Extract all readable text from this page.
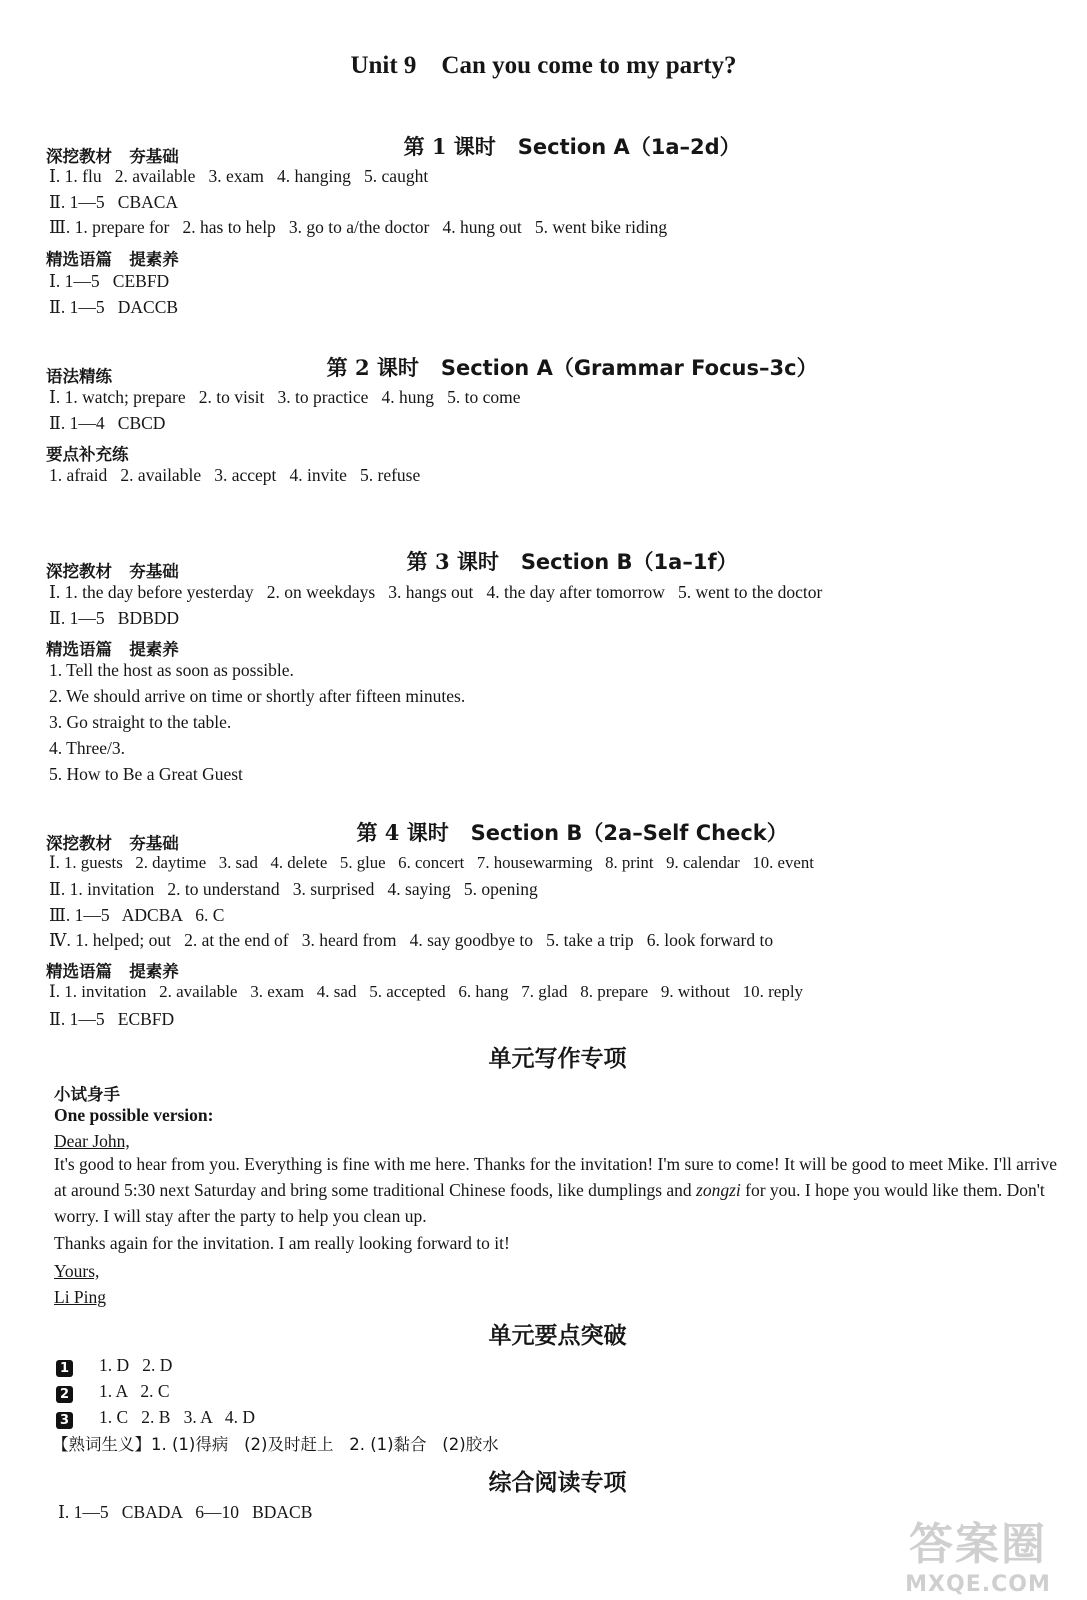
Unit 9    Can you come to my party?

第 1 课时 Section A（1a–2d）

深挖教材   夯基础
Ⅰ. 1. flu   2. available   3. exam   4. hanging   5. caught
Ⅱ. 1—5   CBACA
Ⅲ. 1. prepare for   2. has to help   3. go to a/the doctor   4. hung out   5. went bike riding
精选语篇   提素养
Ⅰ. 1—5   CEBFD
Ⅱ. 1—5   DACCB

第 2 课时 Section A（Grammar Focus–3c）

语法精练
Ⅰ. 1. watch; prepare   2. to visit   3. to practice   4. hung   5. to come
Ⅱ. 1—4   CBCD
要点补充练
1. afraid   2. available   3. accept   4. invite   5. refuse

第 3 课时 Section B（1a–1f）

深挖教材   夯基础
Ⅰ. 1. the day before yesterday   2. on weekdays   3. hangs out   4. the day after tomorrow   5. went to the doctor
Ⅱ. 1—5   BDBDD
精选语篇   提素养
1. Tell the host as soon as possible.
2. We should arrive on time or shortly after fifteen minutes.
3. Go straight to the table.
4. Three/3.
5. How to Be a Great Guest

第 4 课时 Section B（2a–Self Check）

深挖教材   夯基础
Ⅰ. 1. guests   2. daytime   3. sad   4. delete   5. glue   6. concert   7. housewarming   8. print   9. calendar   10. event
Ⅱ. 1. invitation   2. to understand   3. surprised   4. saying   5. opening
Ⅲ. 1—5   ADCBA   6. C
Ⅳ. 1. helped; out   2. at the end of   3. heard from   4. say goodbye to   5. take a trip   6. look forward to
精选语篇   提素养
Ⅰ. 1. invitation   2. available   3. exam   4. sad   5. accepted   6. hang   7. glad   8. prepare   9. without   10. reply
Ⅱ. 1—5   ECBFD
单元写作专项
小试身手
One possible version:
Dear John,
It's good to hear from you. Everything is fine with me here. Thanks for the invitation! I'm sure to come! It will be good to meet Mike. I'll arrive at around 5:30 next Saturday and bring some traditional Chinese foods, like dumplings and zongzi for you. I hope you would like them. Don't worry. I will stay after the party to help you clean up.
Thanks again for the invitation. I am really looking forward to it!
Yours,
Li Ping
单元要点突破
1 1. D   2. D
2 1. A   2. C
3 1. C   2. B   3. A   4. D
【熟词生义】1. (1)得病   (2)及时赶上   2. (1)黏合   (2)胶水
综合阅读专项
Ⅰ. 1—5   CBADA   6—10   BDACB
答案圈
MXQE.COM
